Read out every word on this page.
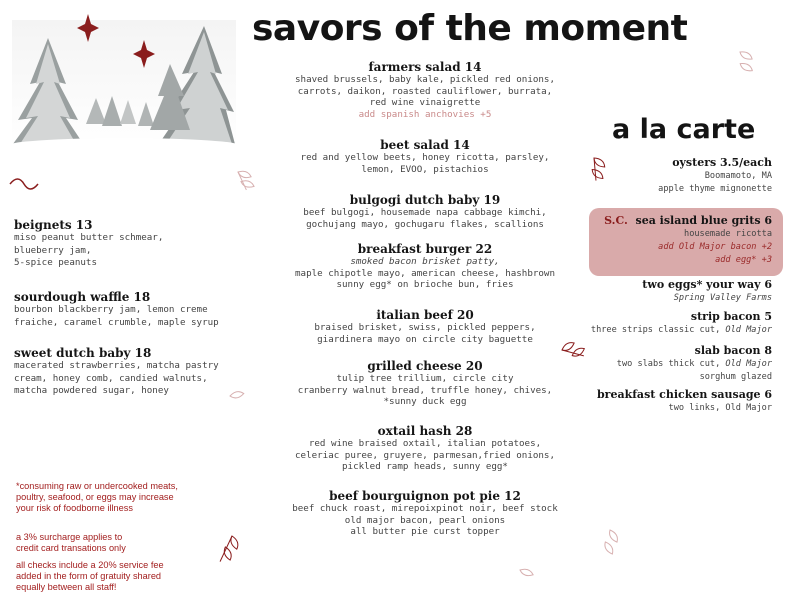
savors of the moment
a la carte
farmers salad 14
shaved brussels, baby kale, pickled red onions,
carrots, daikon, roasted cauliflower, burrata,
red wine vinaigrette
add spanish anchovies +5
beet salad 14
red and yellow beets, honey ricotta, parsley,
lemon, EVOO, pistachios
bulgogi dutch baby 19
beef bulgogi, housemade napa cabbage kimchi,
gochujang mayo, gochugaru flakes, scallions
breakfast burger 22
smoked bacon brisket patty,
maple chipotle mayo, american cheese, hashbrown
sunny egg* on brioche bun, fries
italian beef 20
braised brisket, swiss, pickled peppers,
giardinera mayo on circle city baguette
grilled cheese 20
tulip tree trillium, circle city
cranberry walnut bread, truffle honey, chives,
*sunny duck egg
oxtail hash 28
red wine braised oxtail, italian potatoes,
celeriac puree, gruyere, parmesan,fried onions,
pickled ramp heads, sunny egg*
beef bourguignon pot pie 12
beef chuck roast, mirepoixpinot noir, beef stock
old major bacon, pearl onions
all butter pie curst topper
beignets 13
miso peanut butter schmear,
blueberry jam,
5-spice peanuts
sourdough waffle 18
bourbon blackberry jam, lemon creme
fraiche, caramel crumble, maple syrup
sweet dutch baby 18
macerated strawberries, matcha pastry
cream, honey comb, candied walnuts,
matcha powdered sugar, honey
oysters 3.5/each
Boomamoto, MA
apple thyme mignonette
S.C. sea island blue grits 6
housemade ricotta
add Old Major bacon +2
add egg* +3
two eggs* your way 6
Spring Valley Farms
strip bacon 5
three strips classic cut, Old Major
slab bacon 8
two slabs thick cut, Old Major
sorghum glazed
breakfast chicken sausage 6
two links, Old Major
*consuming raw or undercooked meats,
poultry, seafood, or eggs may increase
your risk of foodborne illness
a 3% surcharge applies to
credit card transations only
all checks include a 20% service fee
added in the form of gratuity shared
equally between all staff!
